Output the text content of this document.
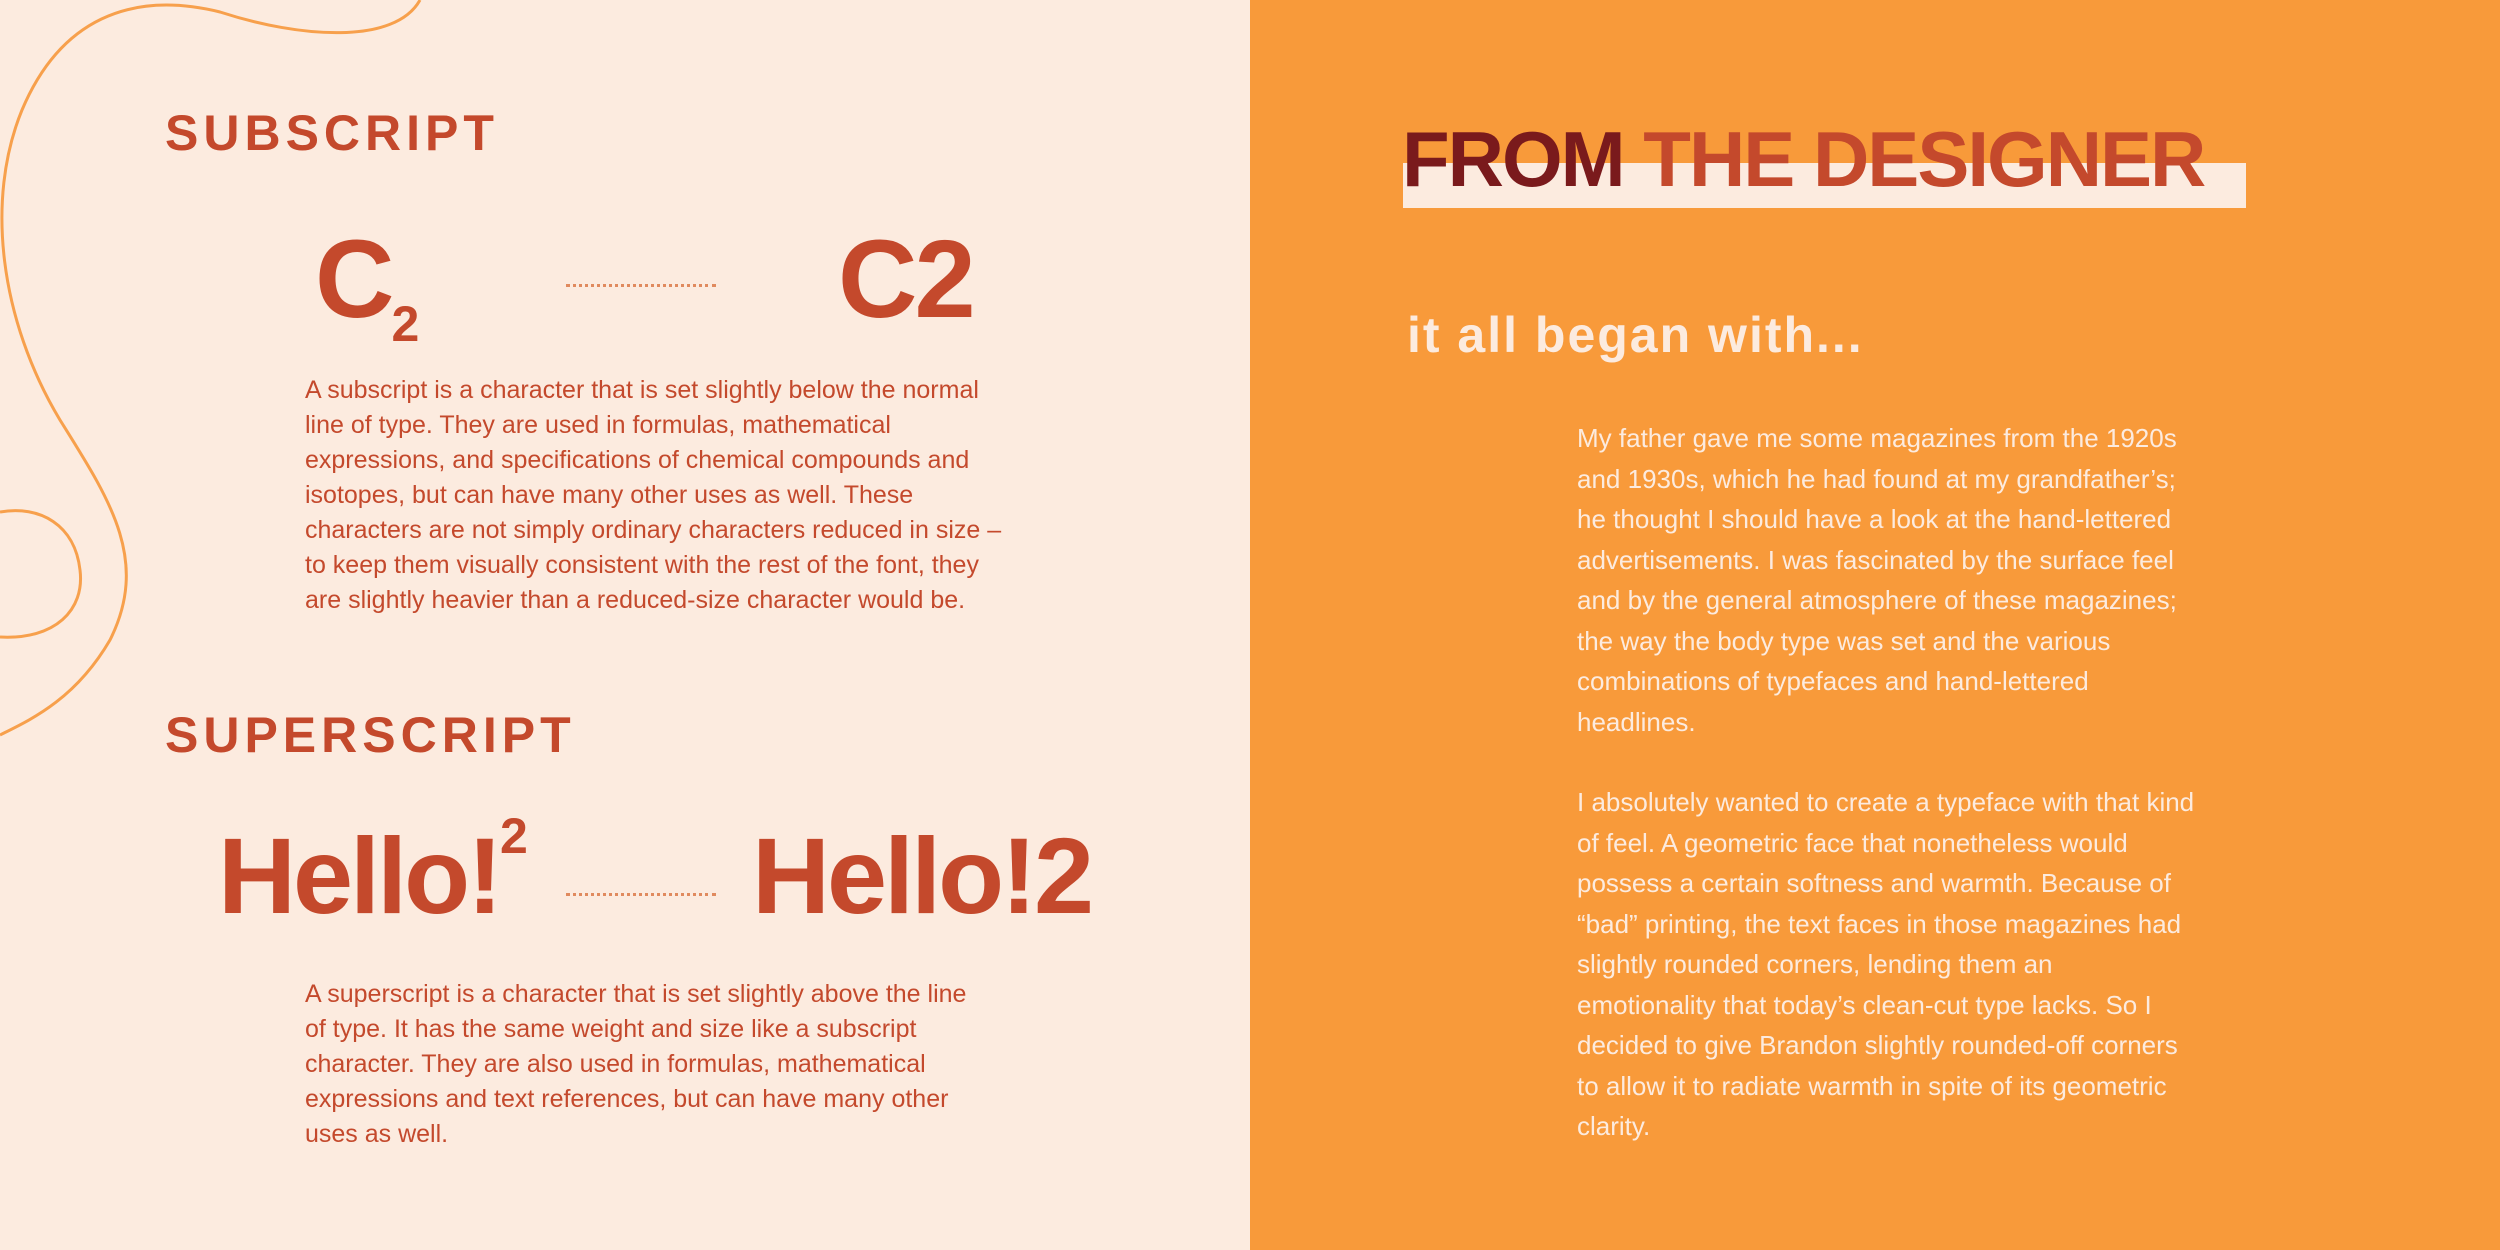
SUBSCRIPT
$C_2$	C2

A subscript is a character that is set slightly below the normal line of type. They are used in formulas, mathematical expressions, and specifications of chemical compounds and isotopes, but can have many other uses as well. These characters are not simply ordinary characters reduced in size – to keep them visually consistent with the rest of the font, they are slightly heavier than a reduced-size character would be.

SUPERSCRIPT
Hello!$^2$ Hello!2

A superscript is a character that is set slightly above the line of type. It has the same weight and size like a subscript character. They are also used in formulas, mathematical expressions and text references, but can have many other uses as well.

FROM THE DESIGNER

it all began with...

My father gave me some magazines from the 1920s and 1930s, which he had found at my grandfather’s; he thought I should have a look at the hand-lettered advertisements. I was fascinated by the surface feel and by the general atmosphere of these magazines; the way the body type was set and the various combinations of typefaces and hand-lettered headlines.

I absolutely wanted to create a typeface with that kind of feel. A geometric face that nonetheless would possess a certain softness and warmth. Because of “bad” printing, the text faces in those magazines had slightly rounded corners, lending them an emotionality that today’s clean-cut type lacks. So I decided to give Brandon slightly rounded-off corners to allow it to radiate warmth in spite of its geometric clarity.
